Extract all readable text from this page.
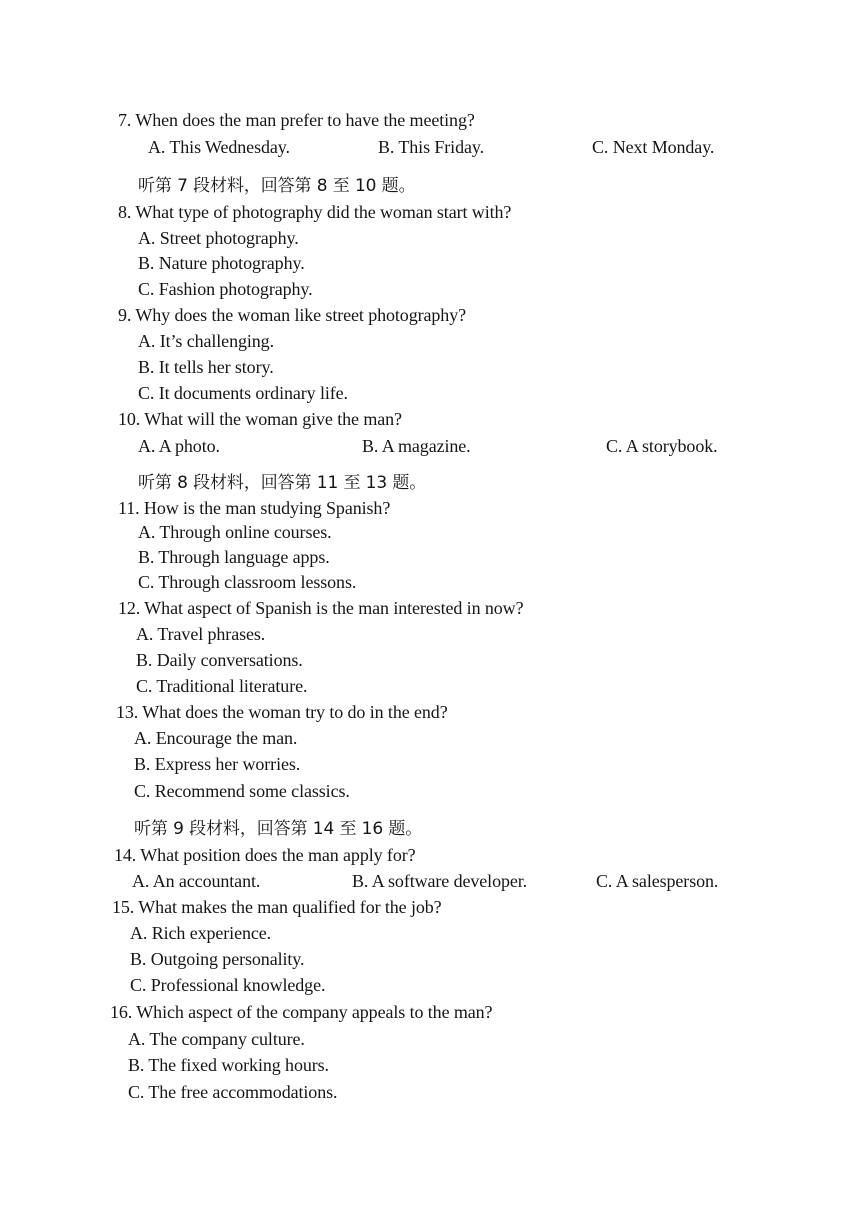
7. When does the man prefer to have the meeting?
A. This Wednesday.	B. This Friday.	C. Next Monday.
听第 7 段材料，回答第 8 至 10 题。
8. What type of photography did the woman start with?
A. Street photography.
B. Nature photography.
C. Fashion photography.
9. Why does the woman like street photography?
A. It’s challenging.
B. It tells her story.
C. It documents ordinary life.
10. What will the woman give the man?
A. A photo.	B. A magazine.	C. A storybook.
听第 8 段材料，回答第 11 至 13 题。
11. How is the man studying Spanish?
A. Through online courses.
B. Through language apps.
C. Through classroom lessons.
12. What aspect of Spanish is the man interested in now?
A. Travel phrases.
B. Daily conversations.
C. Traditional literature.
13. What does the woman try to do in the end?
A. Encourage the man.
B. Express her worries.
C. Recommend some classics.
听第 9 段材料，回答第 14 至 16 题。
14. What position does the man apply for?
A. An accountant.	B. A software developer.	C. A salesperson.
15. What makes the man qualified for the job?
A. Rich experience.
B. Outgoing personality.
C. Professional knowledge.
16. Which aspect of the company appeals to the man?
A. The company culture.
B. The fixed working hours.
C. The free accommodations.
